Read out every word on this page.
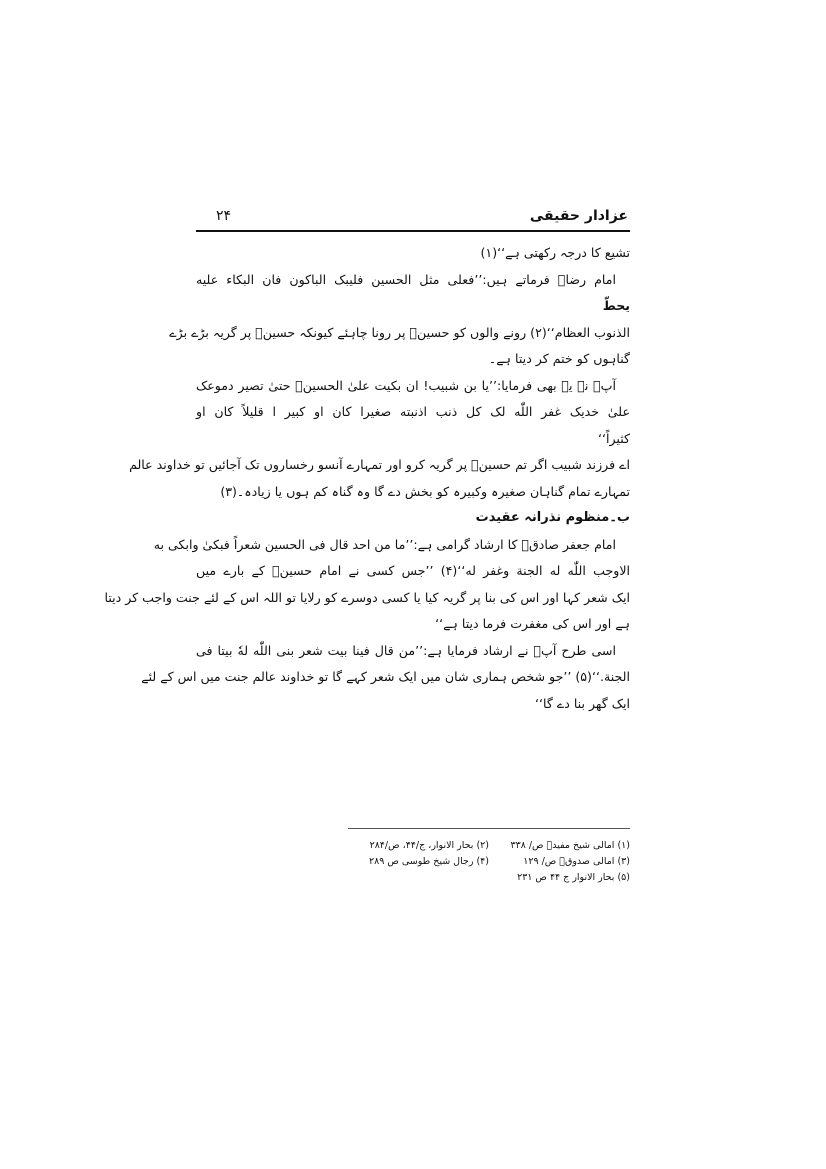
عزادار حقیقی
۲۴
تشیع کا درجہ رکھتی ہے‘‘(۱)
امام رضاؑ فرماتے ہیں:’’فعلی مثل الحسین فلیبک الباکون فان البکاء علیه
یحطّ
الذنوب العظام‘‘(۲) رونے والوں کو حسینؑ پر رونا چاہئے کیونکہ حسینؑ پر گریہ بڑے بڑے
گناہوں کو ختم کر دیتا ہے۔
آپؑ نے یہ بھی فرمایا:’’یا بن شبیب! ان بکیت علیٰ الحسینؑ حتیٰ تصیر دموعک
علیٰ خدیک غفر اللّٰه لک کل ذنب اذنبته صغیرا کان او کبیر ا قلیلاً کان او
کثیراً‘‘
اے فرزند شبیب اگر تم حسینؑ پر گریہ کرو اور تمہارے آنسو رخساروں تک آجائیں تو خداوند عالم
تمہارے تمام گناہان صغیرہ وکبیرہ کو بخش دے گا وہ گناہ کم ہوں یا زیادہ۔(۳)
ب۔منظوم نذرانہ عقیدت
امام جعفر صادقؑ کا ارشاد گرامی ہے:’’ما من احد قال فی الحسین شعراً فبکیٰ وابکی به
الاوجب اللّٰه له الجنة وغفر له‘‘(۴) ’’جس کسی نے امام حسینؑ کے بارے میں
ایک شعر کہا اور اس کی بنا پر گریہ کیا یا کسی دوسرے کو رلایا تو اللہ اس کے لئے جنت واجب کر دیتا
ہے اور اس کی مغفرت فرما دیتا ہے‘‘
اسی طرح آپؑ نے ارشاد فرمایا ہے:’’من قال فینا بیت شعر بنی اللّٰه لهٗ بیتا فی
الجنة.‘‘(۵) ’’جو شخص ہماری شان میں ایک شعر کہے گا تو خداوند عالم جنت میں اس کے لئے
ایک گھر بنا دے گا‘‘
(۱) امالی شیخ مفیدؒ ص/ ۳۳۸
(۲) بحار الانوار، ج/۴۴، ص/۲۸۴
(۳) امالی صدوقؒ ص/ ۱۲۹
(۴) رجال شیخ طوسی ص ۲۸۹
(۵) بحار الانوار ج ۴۴ ص ۲۳۱
